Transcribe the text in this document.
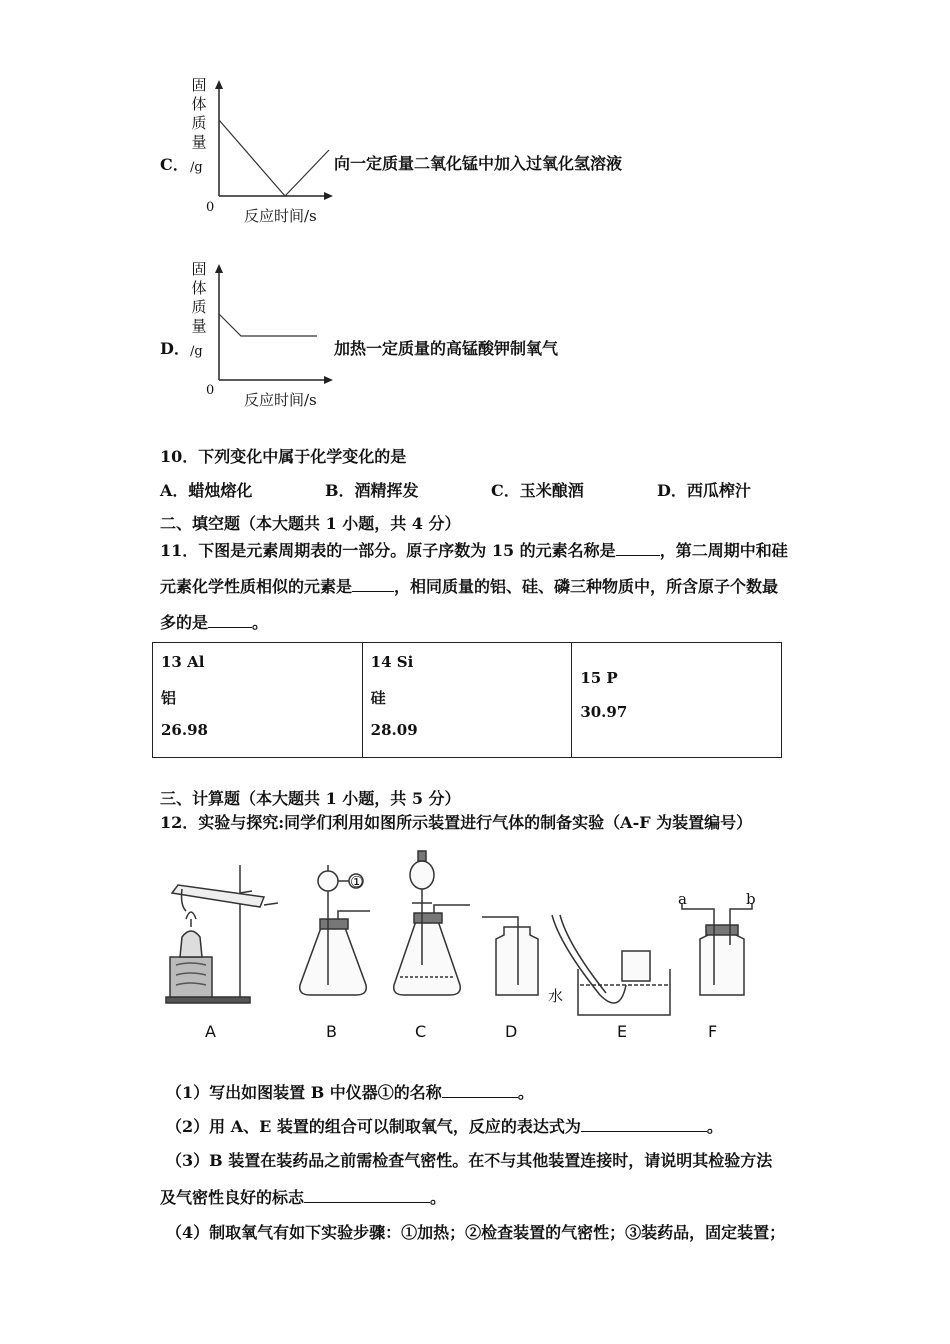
C．
固
体
质
量
/g
0 反应时间/s
向一定质量二氧化锰中加入过氧化氢溶液
D．
固
体
质
量
/g
0
反应时间/s
加热一定质量的高锰酸钾制氧气
10．下列变化中属于化学变化的是
A．蜡烛熔化	B．酒精挥发	C．玉米酿酒	D．西瓜榨汁
二、填空题（本大题共 1 小题，共 4 分）
11．下图是元素周期表的一部分。原子序数为 15 的元素名称是	，第二周期中和硅
元素化学性质相似的元素是	，相同质量的铝、硅、磷三种物质中，所含原子个数最
多的是	。
13 Al
铝
26.98

14 Si
硅
28.09

15 P
30.97
三、计算题（本大题共 1 小题，共 5 分）
12．实验与探究:同学们利用如图所示装置进行气体的制备实验（A-F 为装置编号）
①
水
a	b
A	B	C	D	E	F
（1）写出如图装置 B 中仪器①的名称	。
（2）用 A、E 装置的组合可以制取氧气，反应的表达式为	。
（3）B 装置在装药品之前需检查气密性。在不与其他装置连接时，请说明其检验方法
及气密性良好的标志	。
（4）制取氧气有如下实验步骤：①加热；②检查装置的气密性；③装药品，固定装置；
